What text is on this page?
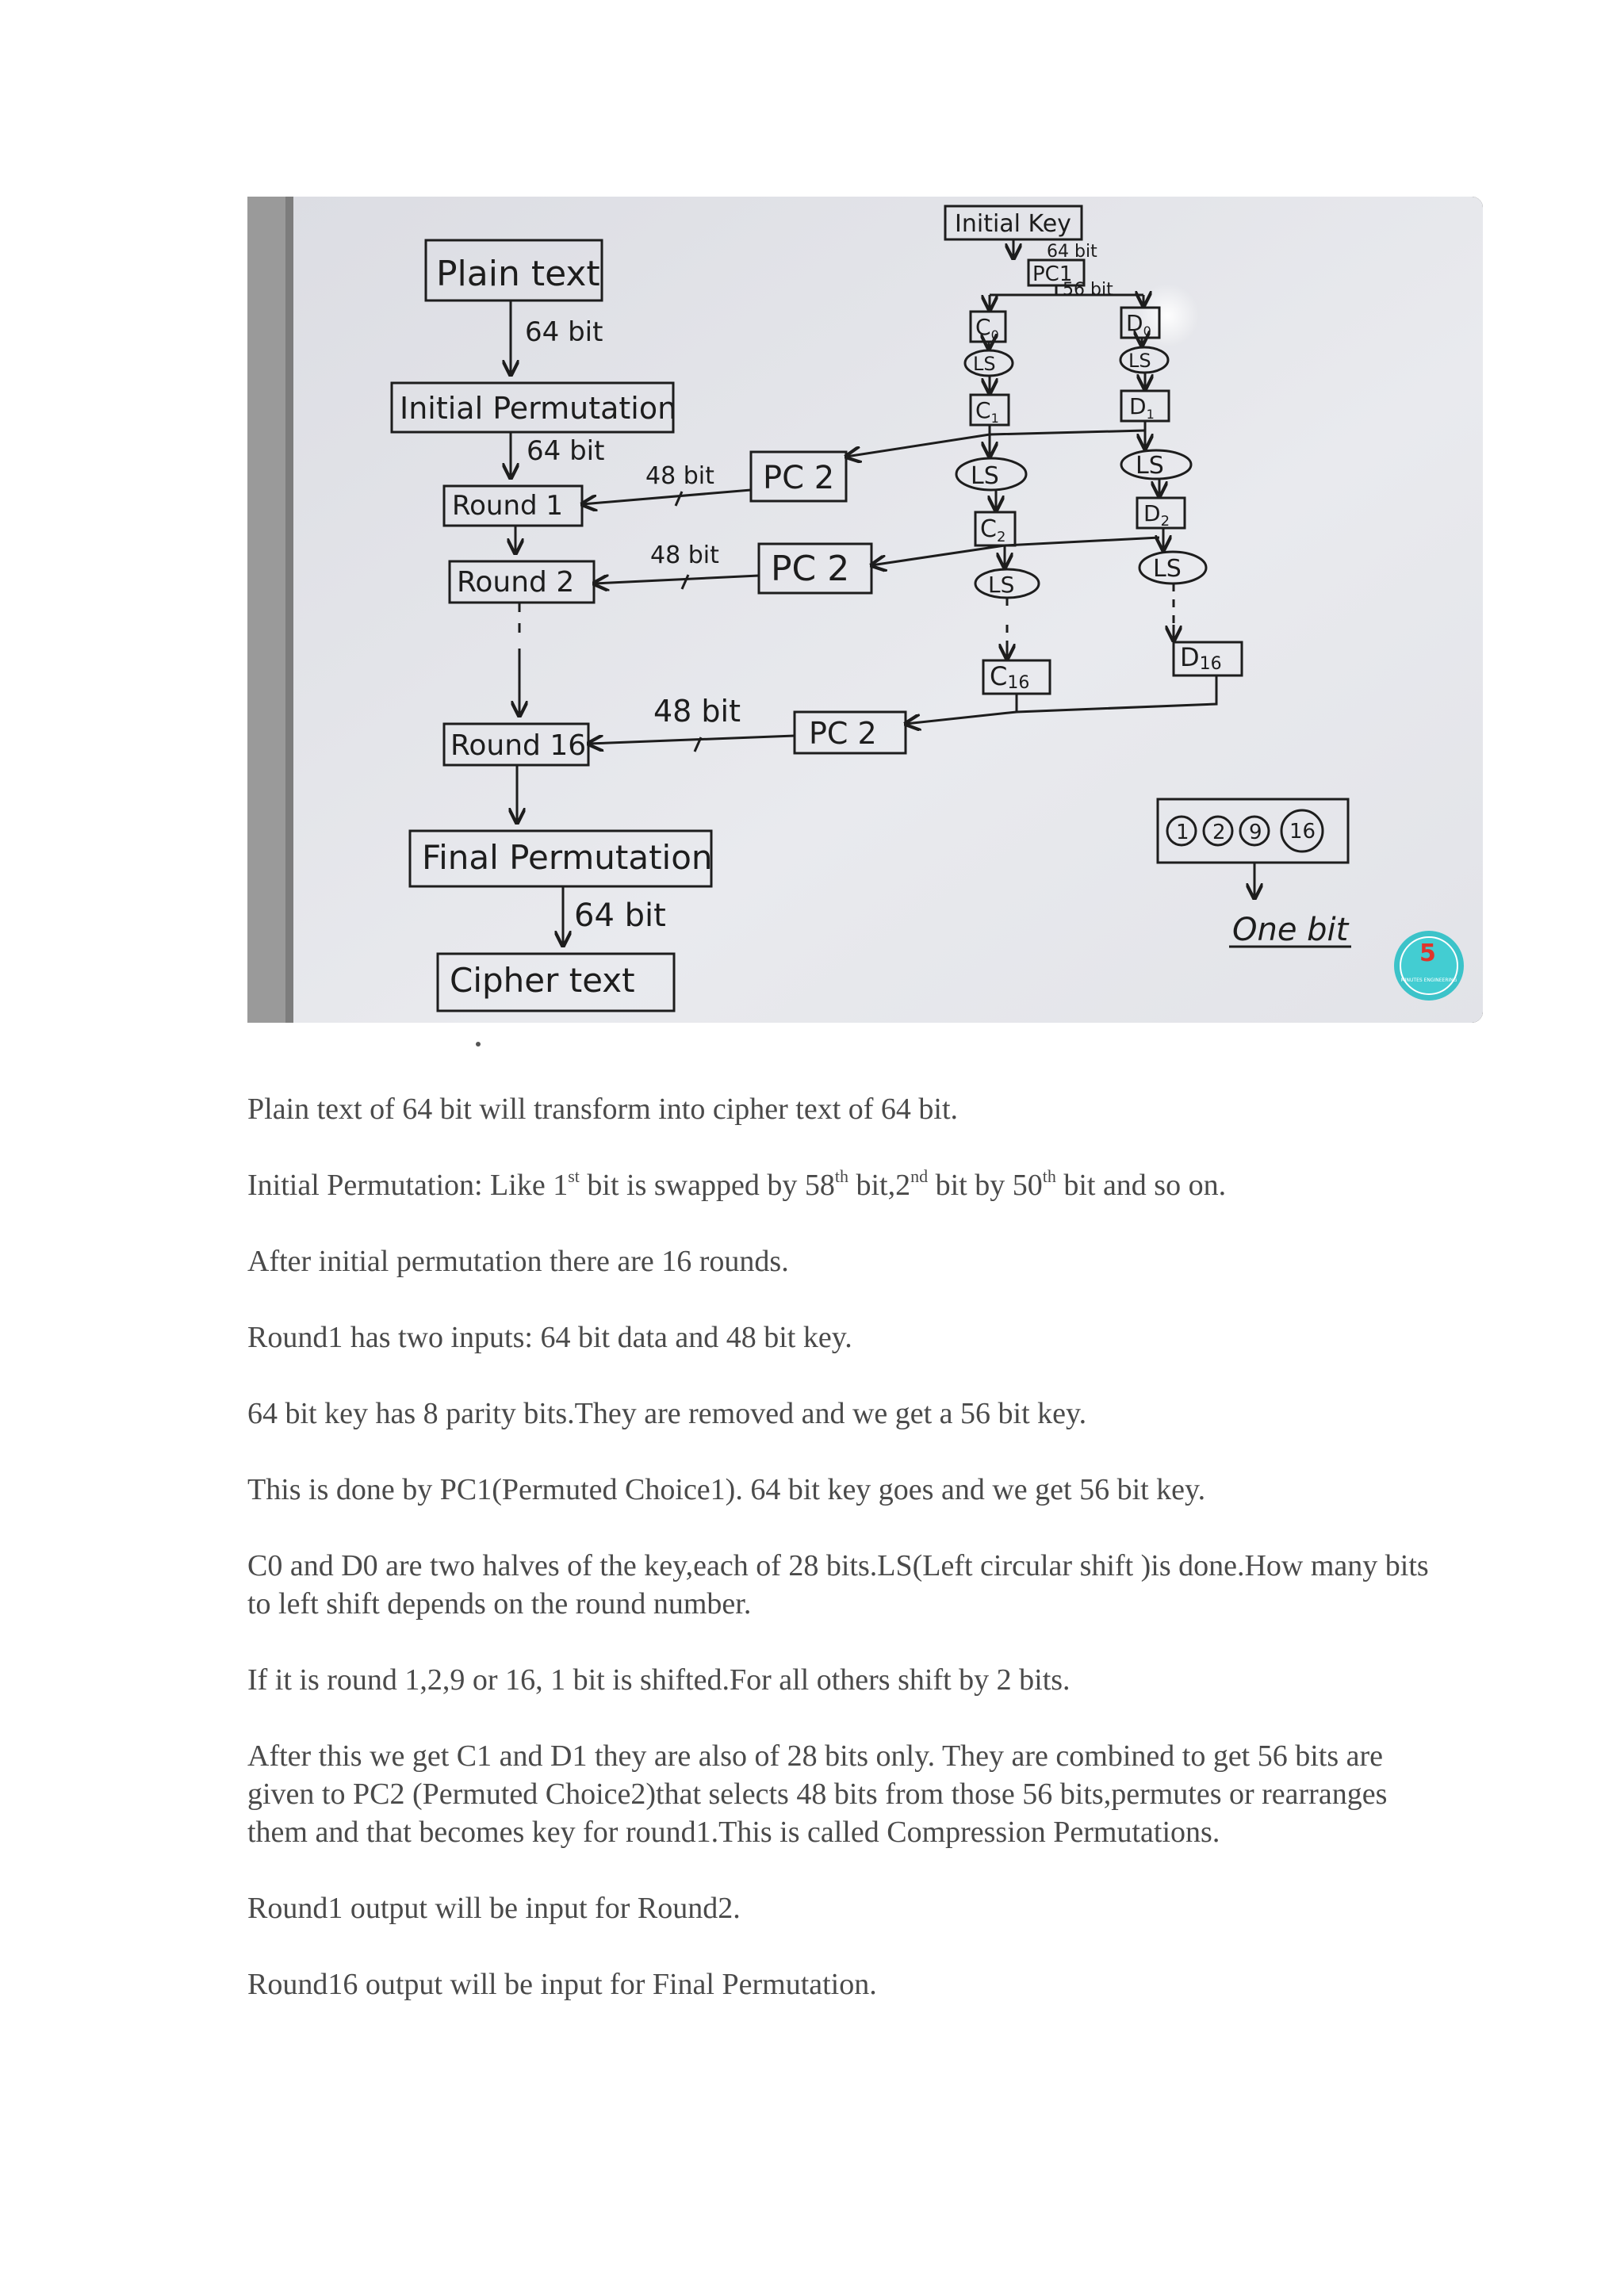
Plain text
64 bit
Initial Permutation
64 bit
Round 1
Round 2
Round 16
Final Permutation
64 bit
Cipher text
PC 2
PC 2
PC 2
48 bit
48 bit
48 bit
Initial Key
64 bit
PC1
56 bit
$C_0$	$D_0$
LS	LS
$C_1$	$D_1$
LS	LS
$C_2$
$D_2$
LS
LS
C16
D16
1 2 9 16
One bit
5
MINUTES ENGINEERING

Plain text of 64 bit will transform into cipher text of 64 bit.

Initial Permutation: Like 1st bit is swapped by 58th bit,2nd bit by 50th bit and so on.

After initial permutation there are 16 rounds.

Round1 has two inputs: 64 bit data and 48 bit key.

64 bit key has 8 parity bits.They are removed and we get a 56 bit key.

This is done by PC1(Permuted Choice1). 64 bit key goes and we get 56 bit key.

C0 and D0 are two halves of the key,each of 28 bits.LS(Left circular shift )is done.How many bits to left shift depends on the round number.

If it is round 1,2,9 or 16, 1 bit is shifted.For all others shift by 2 bits.

After this we get C1 and D1 they are also of 28 bits only. They are combined to get 56 bits are given to PC2 (Permuted Choice2)that selects 48 bits from those 56 bits,permutes or rearranges them and that becomes key for round1.This is called Compression Permutations.

Round1 output will be input for Round2.

Round16 output will be input for Final Permutation.
